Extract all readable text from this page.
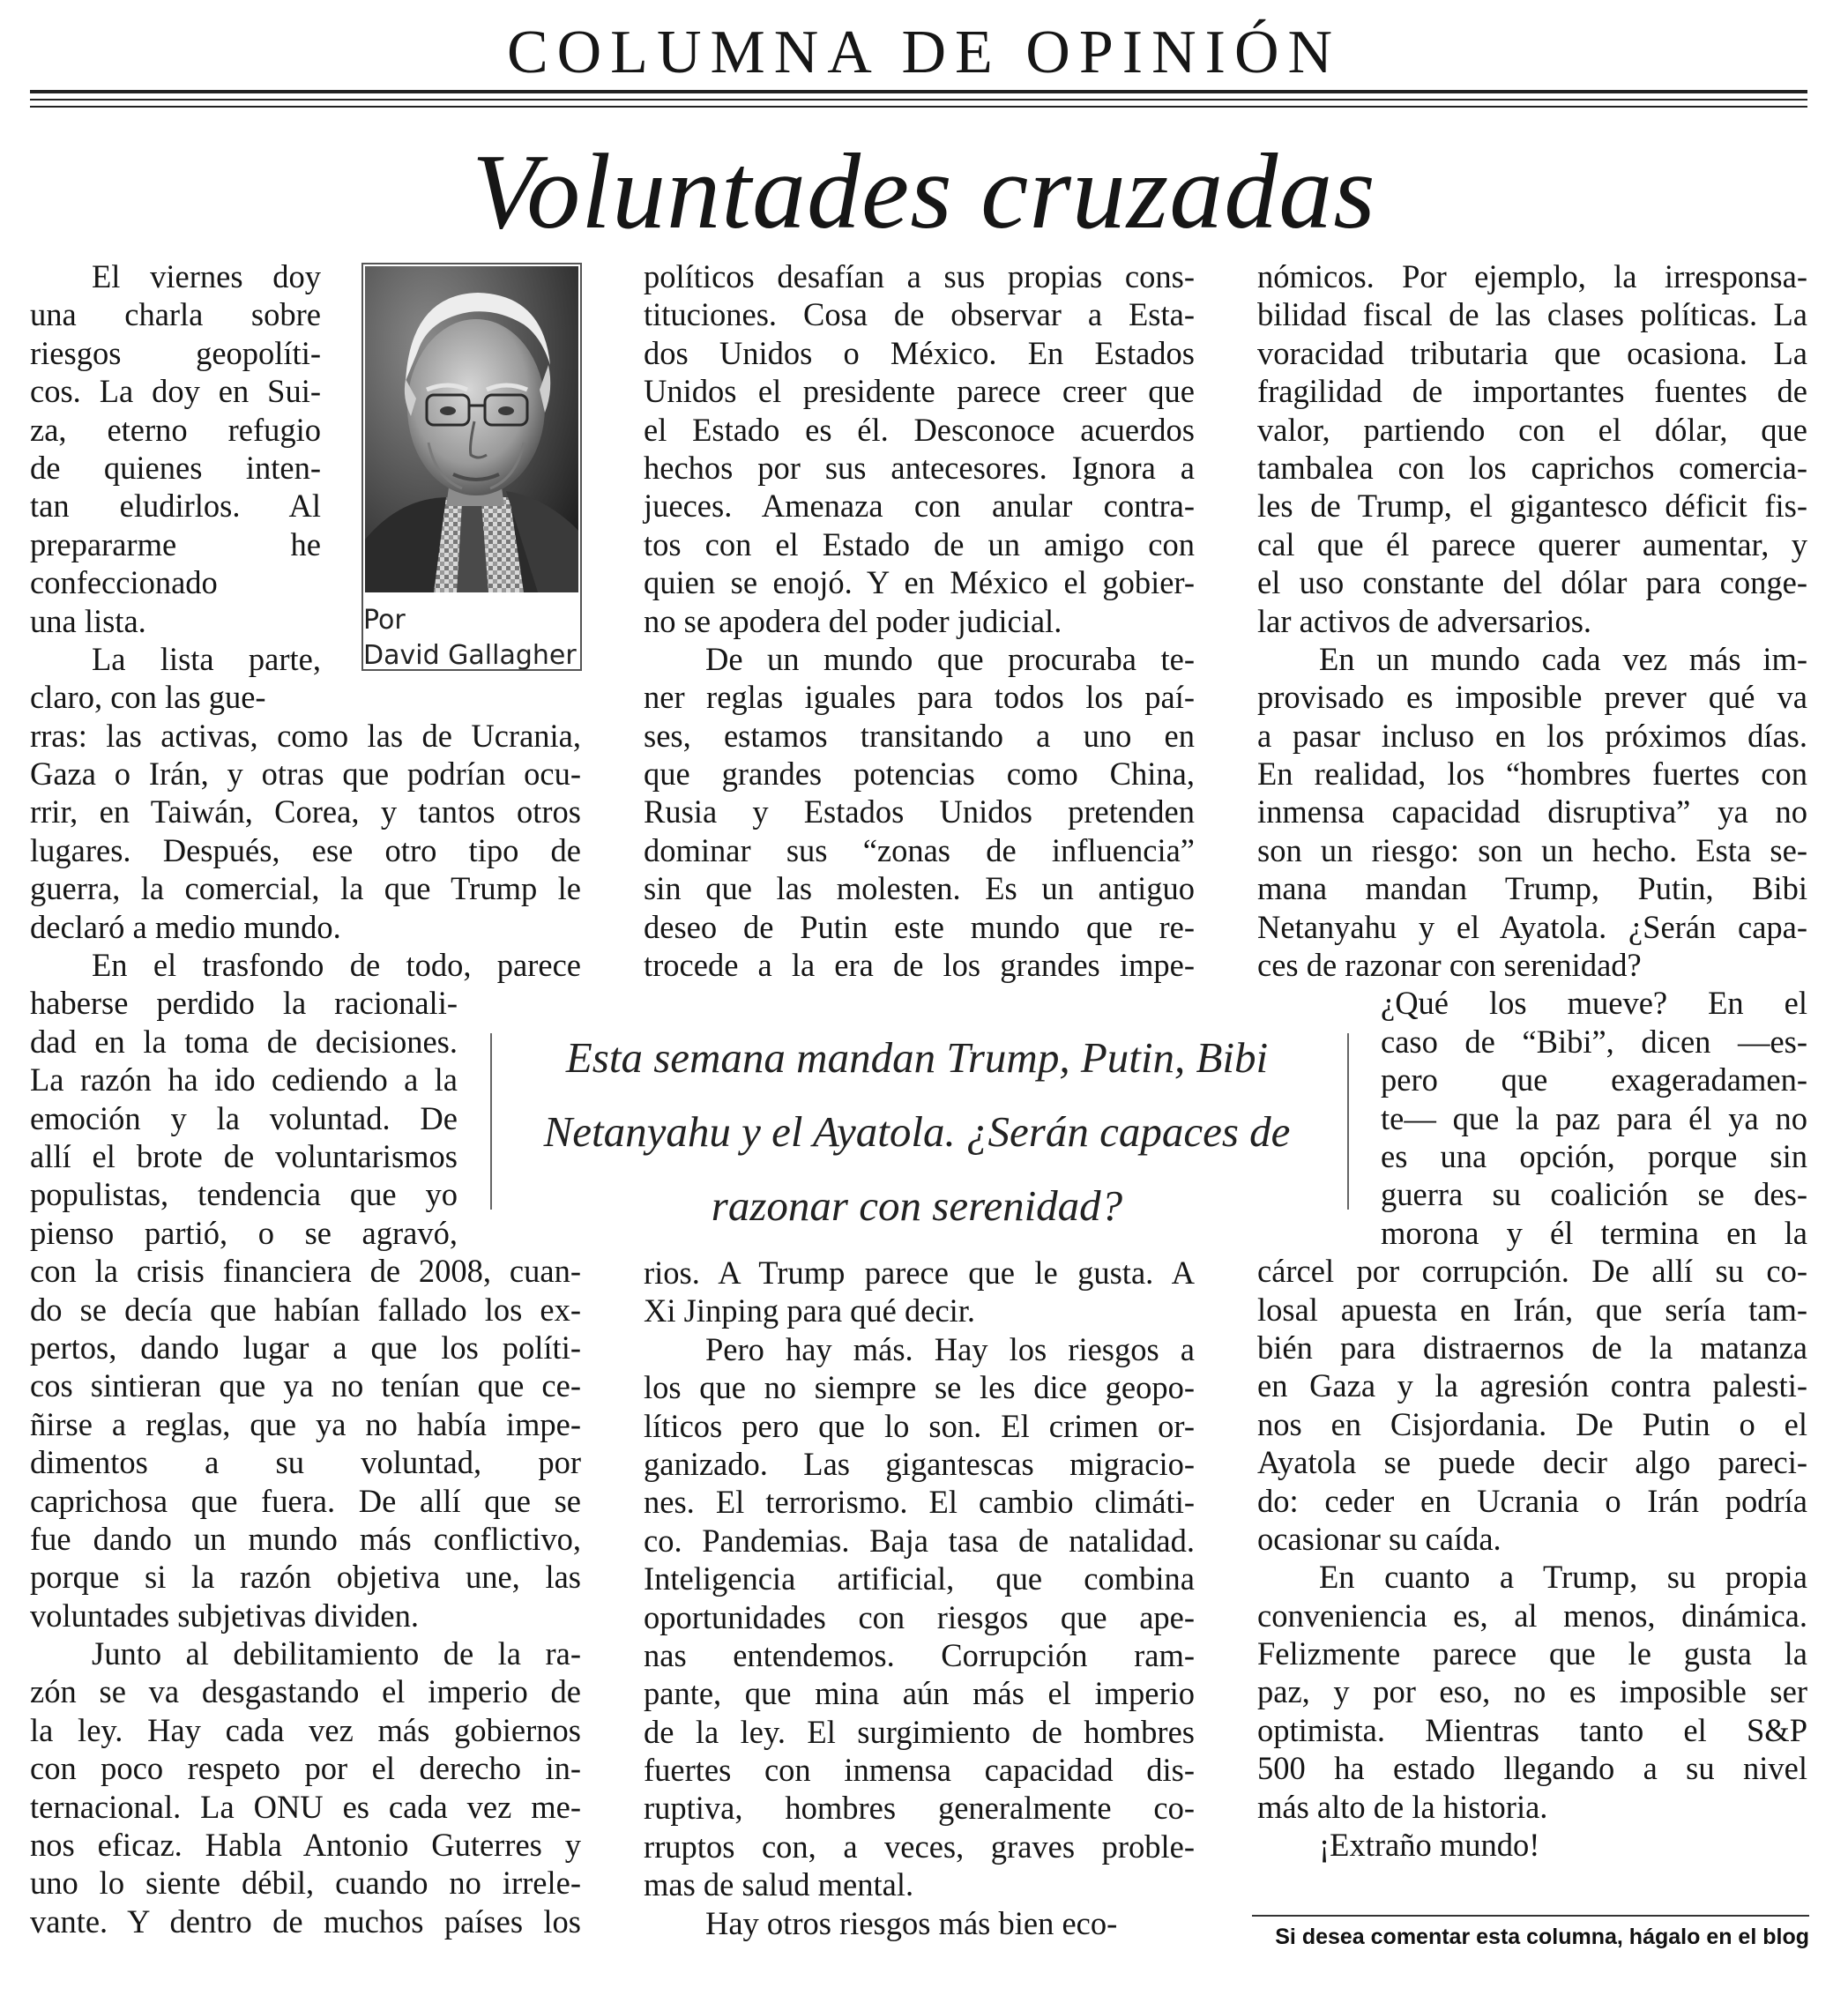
COLUMNA DE OPINIÓN
Voluntades cruzadas
Por
David Gallagher

El viernes doy
una charla sobre
riesgos geopolíti-
cos. La doy en Sui-
za, eterno refugio
de quienes inten-
tan eludirlos. Al
prepararme he
confeccionado
una lista.

La lista parte,
claro, con las gue-
rras: las activas, como las de Ucrania,
Gaza o Irán, y otras que podrían ocu-
rrir, en Taiwán, Corea, y tantos otros
lugares. Después, ese otro tipo de
guerra, la comercial, la que Trump le
declaró a medio mundo.

En el trasfondo de todo, parece
haberse perdido la racionali-
dad en la toma de decisiones.
La razón ha ido cediendo a la
emoción y la voluntad. De
allí el brote de voluntarismos
populistas, tendencia que yo
pienso partió, o se agravó,
con la crisis financiera de 2008, cuan-
do se decía que habían fallado los ex-
pertos, dando lugar a que los políti-
cos sintieran que ya no tenían que ce-
ñirse a reglas, que ya no había impe-
dimentos a su voluntad, por
caprichosa que fuera. De allí que se
fue dando un mundo más conflictivo,
porque si la razón objetiva une, las
voluntades subjetivas dividen.

Junto al debilitamiento de la ra-
zón se va desgastando el imperio de
la ley. Hay cada vez más gobiernos
con poco respeto por el derecho in-
ternacional. La ONU es cada vez me-
nos eficaz. Habla Antonio Guterres y
uno lo siente débil, cuando no irrele-
vante. Y dentro de muchos países los

políticos desafían a sus propias cons-
tituciones. Cosa de observar a Esta-
dos Unidos o México. En Estados
Unidos el presidente parece creer que
el Estado es él. Desconoce acuerdos
hechos por sus antecesores. Ignora a
jueces. Amenaza con anular contra-
tos con el Estado de un amigo con
quien se enojó. Y en México el gobier-
no se apodera del poder judicial.

De un mundo que procuraba te-
ner reglas iguales para todos los paí-
ses, estamos transitando a uno en
que grandes potencias como China,
Rusia y Estados Unidos pretenden
dominar sus “zonas de influencia”
sin que las molesten. Es un antiguo
deseo de Putin este mundo que re-
trocede a la era de los grandes impe-

rios. A Trump parece que le gusta. A
Xi Jinping para qué decir.

Pero hay más. Hay los riesgos a
los que no siempre se les dice geopo-
líticos pero que lo son. El crimen or-
ganizado. Las gigantescas migracio-
nes. El terrorismo. El cambio climáti-
co. Pandemias. Baja tasa de natalidad.
Inteligencia artificial, que combina
oportunidades con riesgos que ape-
nas entendemos. Corrupción ram-
pante, que mina aún más el imperio
de la ley. El surgimiento de hombres
fuertes con inmensa capacidad dis-
ruptiva, hombres generalmente co-
rruptos con, a veces, graves proble-
mas de salud mental.

Hay otros riesgos más bien eco-

nómicos. Por ejemplo, la irresponsa-
bilidad fiscal de las clases políticas. La
voracidad tributaria que ocasiona. La
fragilidad de importantes fuentes de
valor, partiendo con el dólar, que
tambalea con los caprichos comercia-
les de Trump, el gigantesco déficit fis-
cal que él parece querer aumentar, y
el uso constante del dólar para conge-
lar activos de adversarios.

En un mundo cada vez más im-
provisado es imposible prever qué va
a pasar incluso en los próximos días.
En realidad, los “hombres fuertes con
inmensa capacidad disruptiva” ya no
son un riesgo: son un hecho. Esta se-
mana mandan Trump, Putin, Bibi
Netanyahu y el Ayatola. ¿Serán capa-
ces de razonar con serenidad?

¿Qué los mueve? En el
caso de “Bibi”, dicen —es-
pero que exageradamen-
te— que la paz para él ya no
es una opción, porque sin
guerra su coalición se des-
morona y él termina en la
cárcel por corrupción. De allí su co-
losal apuesta en Irán, que sería tam-
bién para distraernos de la matanza
en Gaza y la agresión contra palesti-
nos en Cisjordania. De Putin o el
Ayatola se puede decir algo pareci-
do: ceder en Ucrania o Irán podría
ocasionar su caída.

En cuanto a Trump, su propia
conveniencia es, al menos, dinámica.
Felizmente parece que le gusta la
paz, y por eso, no es imposible ser
optimista. Mientras tanto el S&P
500 ha estado llegando a su nivel
más alto de la historia.

¡Extraño mundo!

Esta semana mandan Trump, Putin, Bibi
Netanyahu y el Ayatola. ¿Serán capaces de
razonar con serenidad?
Si desea comentar esta columna, hágalo en el blog
